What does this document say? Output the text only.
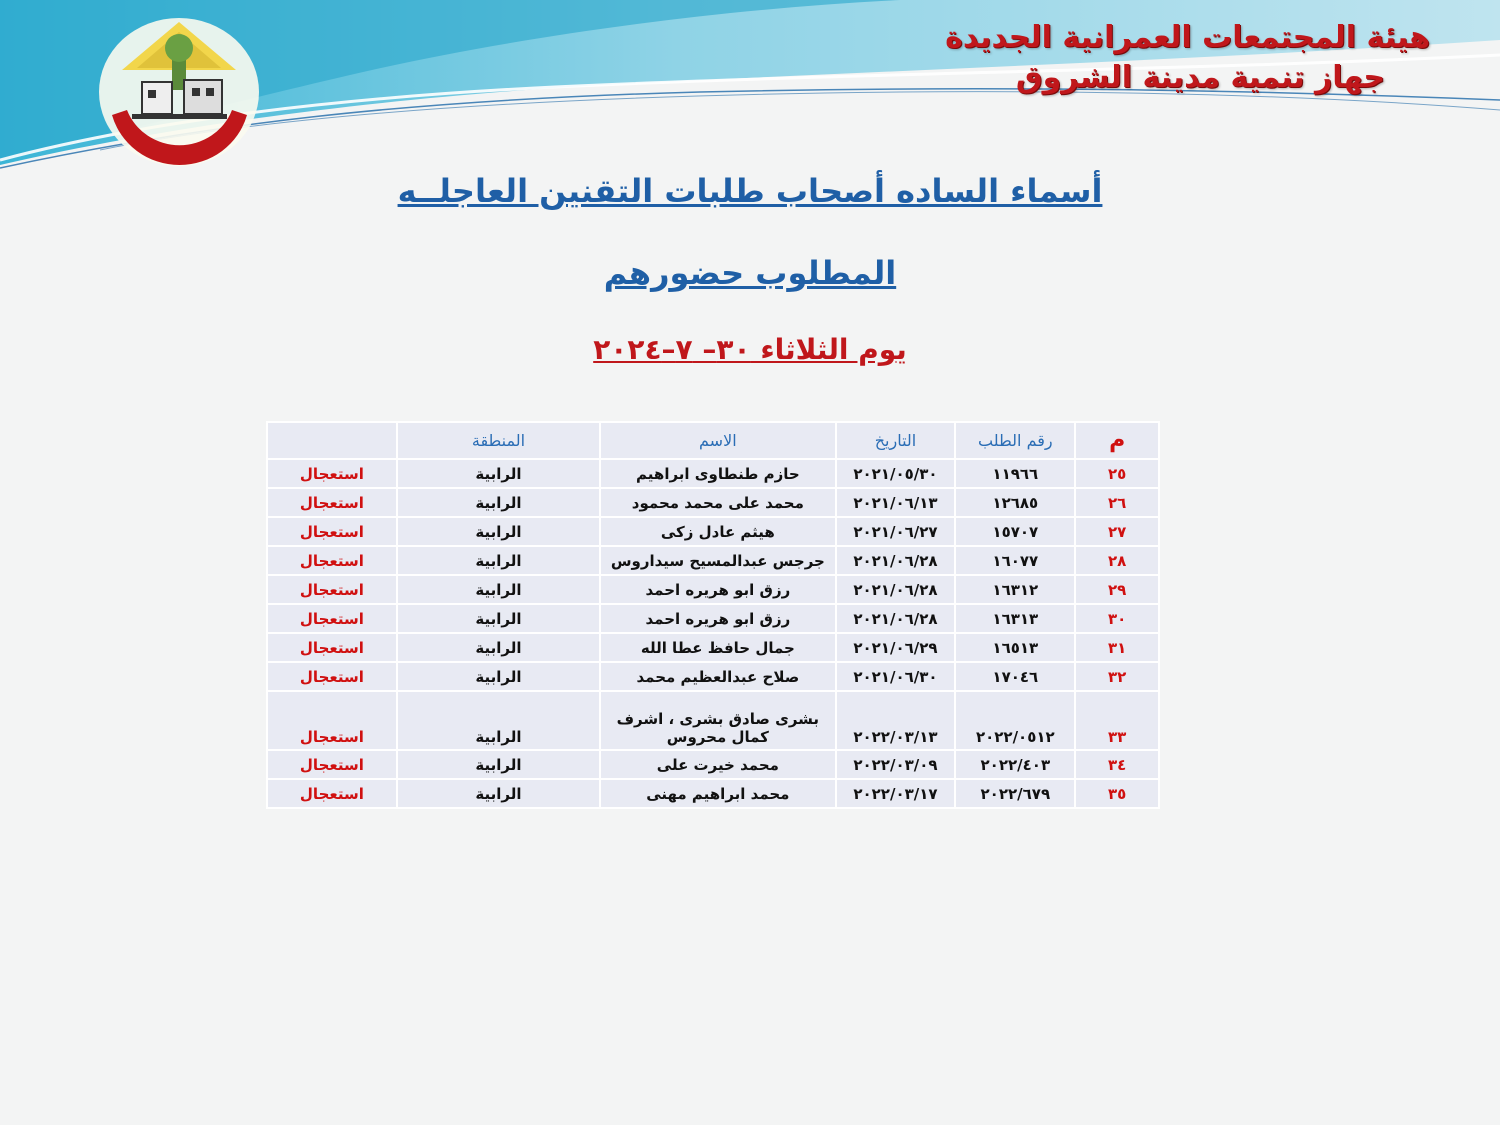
هيئة المجتمعات العمرانية الجديدة
جهاز تنمية مدينة الشروق
أسماء الساده أصحاب طلبات التقنين العاجلــه
المطلوب حضورهم
يوم الثلاثاء ٣٠– ٧–٢٠٢٤
م	رقم الطلب	التاريخ	الاسم	المنطقة	
٢٥	١١٩٦٦	٢٠٢١/٠٥/٣٠	حازم طنطاوى ابراهيم	الرابية	استعجال
٢٦	١٢٦٨٥	٢٠٢١/٠٦/١٣	محمد على محمد محمود	الرابية	استعجال
٢٧	١٥٧٠٧	٢٠٢١/٠٦/٢٧	هيثم عادل زكى	الرابية	استعجال
٢٨	١٦٠٧٧	٢٠٢١/٠٦/٢٨	جرجس عبدالمسيح سيداروس	الرابية	استعجال
٢٩	١٦٣١٢	٢٠٢١/٠٦/٢٨	رزق ابو هريره احمد	الرابية	استعجال
٣٠	١٦٣١٣	٢٠٢١/٠٦/٢٨	رزق ابو هريره احمد	الرابية	استعجال
٣١	١٦٥١٣	٢٠٢١/٠٦/٢٩	جمال حافظ عطا الله	الرابية	استعجال
٣٢	١٧٠٤٦	٢٠٢١/٠٦/٣٠	صلاح عبدالعظيم محمد	الرابية	استعجال
٣٣	٢٠٢٢/٠٥١٢	٢٠٢٢/٠٣/١٣	بشرى صادق بشرى ، اشرف كمال محروس	الرابية	استعجال
٣٤	٢٠٢٢/٤٠٣	٢٠٢٢/٠٣/٠٩	محمد خيرت على	الرابية	استعجال
٣٥	٢٠٢٢/٦٧٩	٢٠٢٢/٠٣/١٧	محمد ابراهيم مهنى	الرابية	استعجال
